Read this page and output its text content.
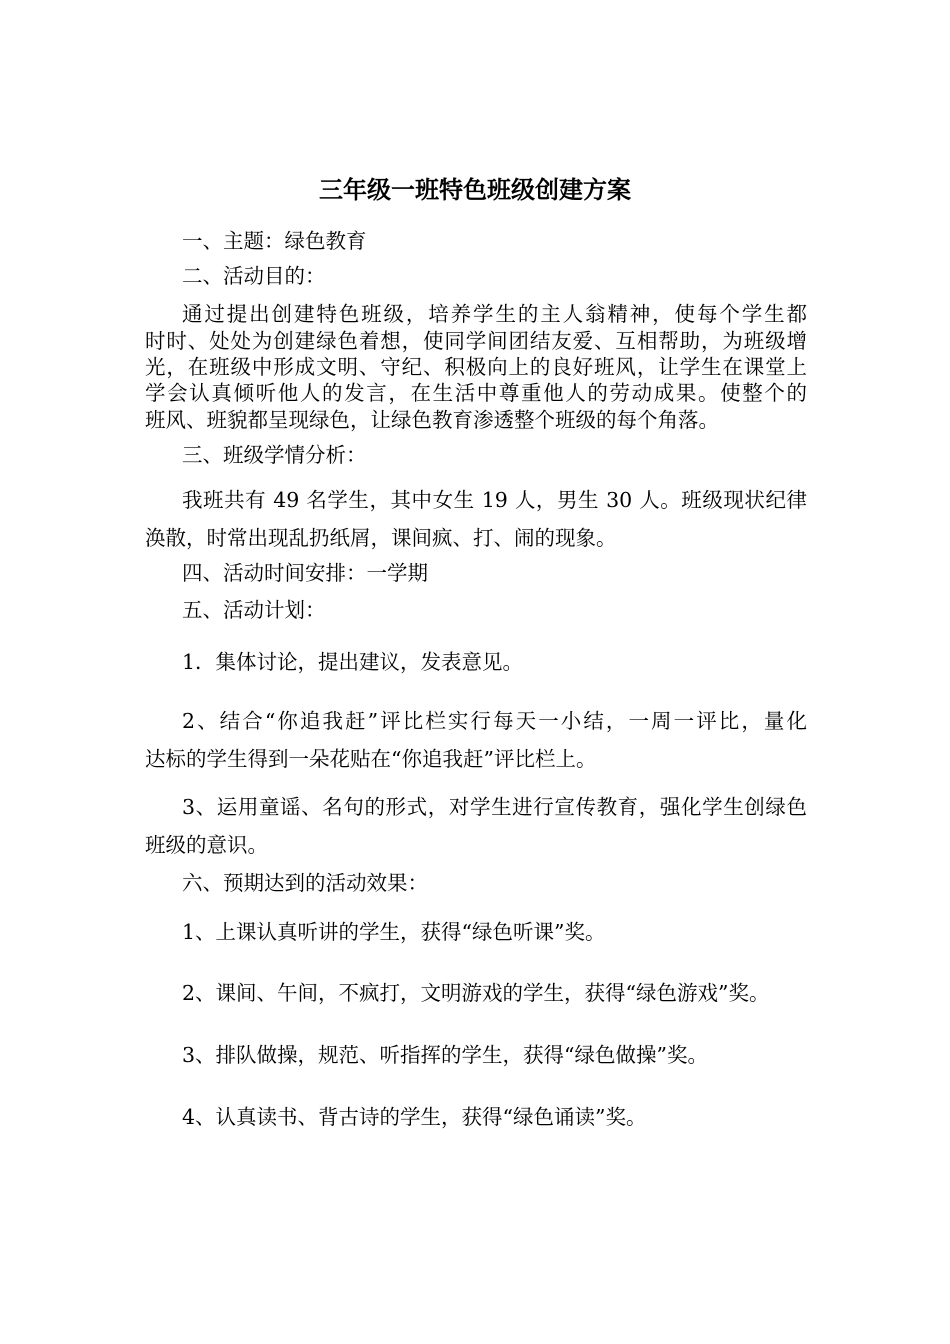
三年级一班特色班级创建方案
一、主题：绿色教育
二、活动目的：
通过提出创建特色班级，培养学生的主人翁精神，使每个学生都
时时、处处为创建绿色着想，使同学间团结友爱、互相帮助，为班级增
光，在班级中形成文明、守纪、积极向上的良好班风，让学生在课堂上
学会认真倾听他人的发言，在生活中尊重他人的劳动成果。使整个的
班风、班貌都呈现绿色，让绿色教育渗透整个班级的每个角落。
三、班级学情分析：
我班共有 49 名学生，其中女生 19 人，男生 30 人。班级现状纪律
涣散，时常出现乱扔纸屑，课间疯、打、闹的现象。
四、活动时间安排：一学期
五、活动计划：
1．集体讨论，提出建议，发表意见。
2、结合“你追我赶”评比栏实行每天一小结，一周一评比，量化
达标的学生得到一朵花贴在“你追我赶”评比栏上。
3、运用童谣、名句的形式，对学生进行宣传教育，强化学生创绿色
班级的意识。
六、预期达到的活动效果：
1、上课认真听讲的学生，获得“绿色听课”奖。
2、课间、午间，不疯打，文明游戏的学生，获得“绿色游戏”奖。
3、排队做操，规范、听指挥的学生，获得“绿色做操”奖。
4、认真读书、背古诗的学生，获得“绿色诵读”奖。
